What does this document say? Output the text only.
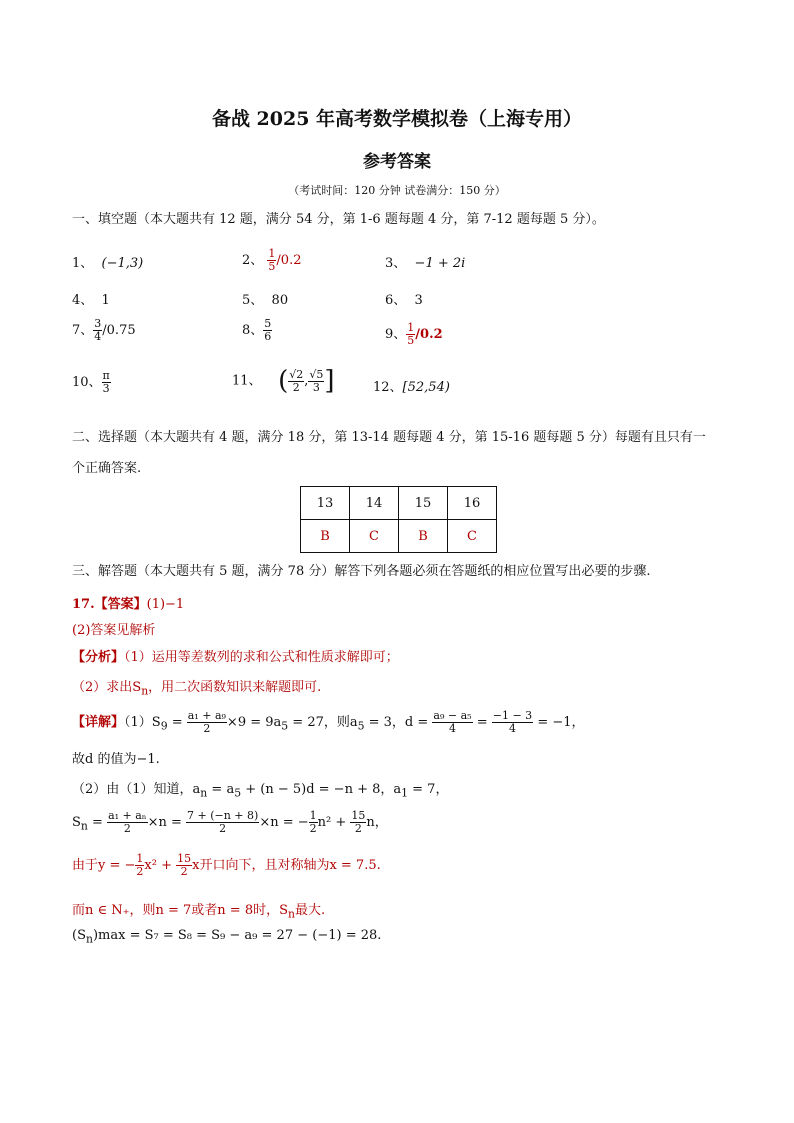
备战 2025 年高考数学模拟卷（上海专用）
参考答案
（考试时间：120 分钟 试卷满分：150 分）
一、填空题（本大题共有 12 题，满分 54 分，第 1-6 题每题 4 分，第 7-12 题每题 5 分）。
1、 (−1,3)	2、 $\frac{1}{5} /0.2$	3、 −1 + 2i
4、 1	5、 80	6、 3
7、 $\frac{3}{4} /0.75$	8、 $\frac{5}{6}$	9、 $\frac{1}{5} /0.2$
10、 $\frac{\pi}{3}$	11、 ( $\frac{√2}{2}$ , $\frac{√5}{3}$ ]	12、[52,54)
二、选择题（本大题共有 4 题，满分 18 分，第 13-14 题每题 4 分，第 15-16 题每题 5 分）每题有且只有一
个正确答案.
13	14	15	16
B	C	B	C
三、解答题（本大题共有 5 题，满分 78 分）解答下列各题必须在答题纸的相应位置写出必要的步骤.
17.【答案】(1)−1
(2)答案见解析
【分析】（1）运用等差数列的求和公式和性质求解即可；
（2）求出$S_n$，用二次函数知识来解题即可.
【详解】$(1)S_9 = \frac{\text{a₁ + a₉}}{2} \times 9 = 9a_5 = 27$，则$a_5 = 3$，$d = \frac{\text{a₉ − a₅}}{4} = \frac{-1 - 3}{4} = -1$，
故d 的值为−1.
（2）由（1）知道，$a_n = a_5 + (n - 5)d = -n + 8$，$a_1 = 7$，
$S_n = \frac{\text{a₁ + aₙ}}{2} \times n = \frac{7 + (-n + 8)}{2} \times n$ = − $\frac{1}{2} n^2 + \frac{15}{2}$ n，
由于y = − $\frac{1}{2} x^2 + \frac{15}{2}$ x开口向下，且对称轴为x = 7.5.
而n ∈ N₊，则n = 7或者n = 8时，$S_n$最大.
$(S_n)\max = S_7 = S_8 = S_9 - a_9 = 27 - (-1) = 28$.
